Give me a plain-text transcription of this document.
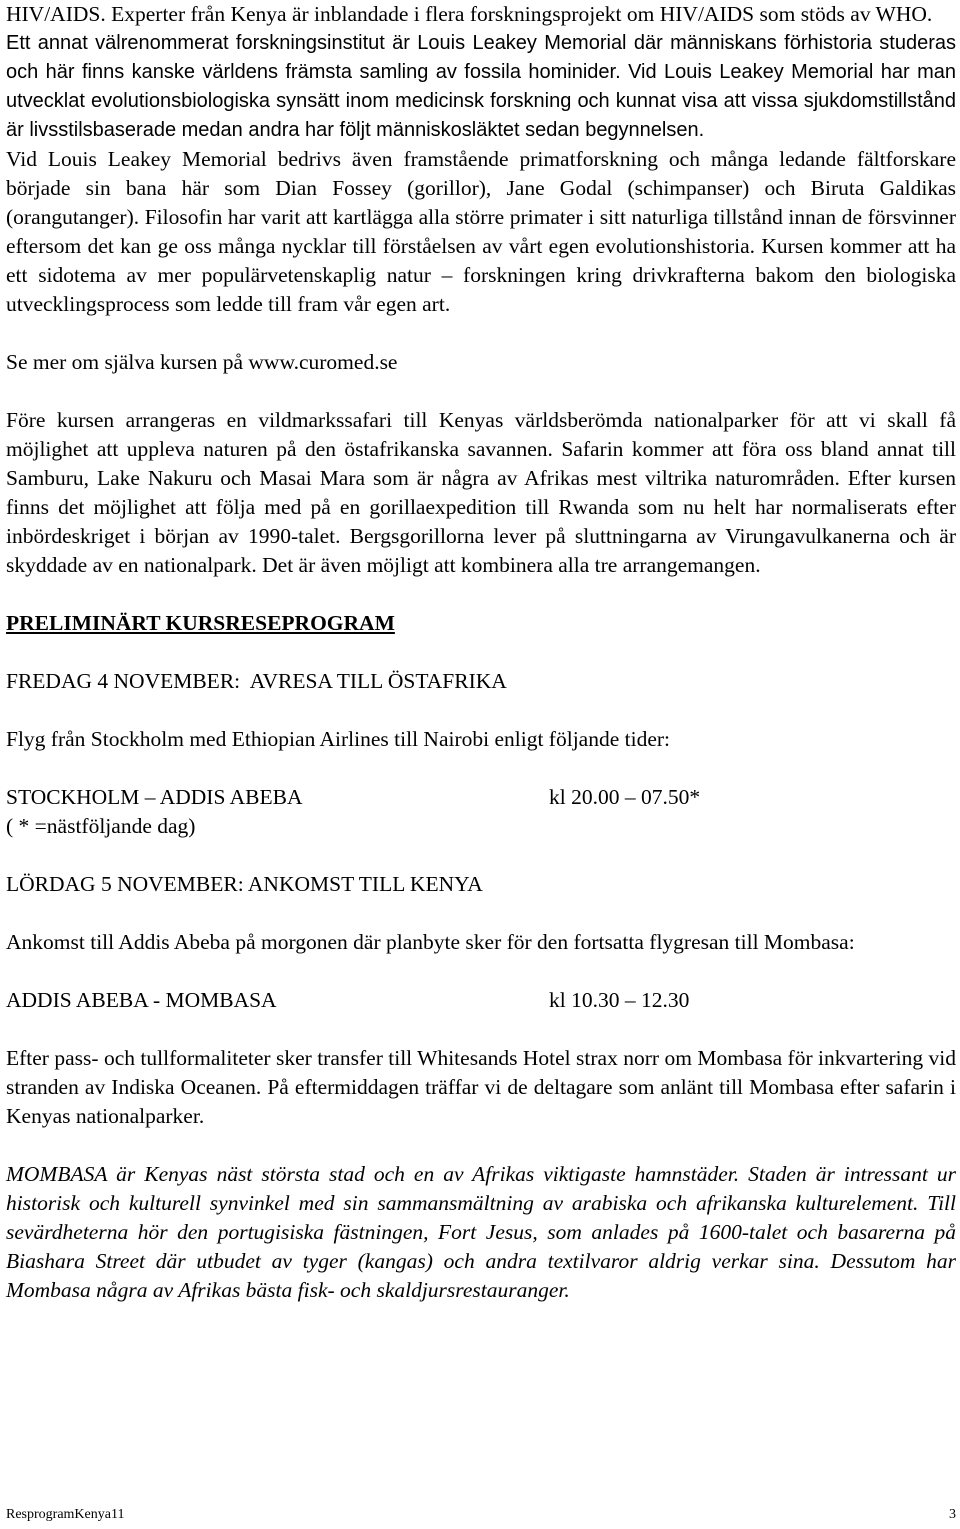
HIV/AIDS. Experter från Kenya är inblandade i flera forskningsprojekt om HIV/AIDS som stöds av WHO.

Ett annat välrenommerat forskningsinstitut är Louis Leakey Memorial där människans förhistoria studeras och här finns kanske världens främsta samling av fossila hominider. Vid Louis Leakey Memorial har man utvecklat evolutionsbiologiska synsätt inom medicinsk forskning och kunnat visa att vissa sjukdomstillstånd är livsstilsbaserade medan andra har följt människosläktet sedan begynnelsen.

Vid Louis Leakey Memorial bedrivs även framstående primatforskning och många ledande fältforskare började sin bana här som Dian Fossey (gorillor), Jane Godal (schimpanser) och Biruta Galdikas (orangutanger). Filosofin har varit att kartlägga alla större primater i sitt naturliga tillstånd innan de försvinner eftersom det kan ge oss många nycklar till förståelsen av vårt egen evolutionshistoria. Kursen kommer att ha ett sidotema av mer populärvetenskaplig natur – forskningen kring drivkrafterna bakom den biologiska utvecklingsprocess som ledde till fram vår egen art.

Se mer om själva kursen på www.curomed.se

Före kursen arrangeras en vildmarkssafari till Kenyas världsberömda nationalparker för att vi skall få möjlighet att uppleva naturen på den östafrikanska savannen. Safarin kommer att föra oss bland annat till Samburu, Lake Nakuru och Masai Mara som är några av Afrikas mest viltrika naturområden. Efter kursen finns det möjlighet att följa med på en gorillaexpedition till Rwanda som nu helt har normaliserats efter inbördeskriget i början av 1990-talet. Bergsgorillorna lever på sluttningarna av Virungavulkanerna och är skyddade av en nationalpark. Det är även möjligt att kombinera alla tre arrangemangen.

PRELIMINÄRT KURSRESEPROGRAM

FREDAG 4 NOVEMBER:  AVRESA TILL ÖSTAFRIKA

Flyg från Stockholm med Ethiopian Airlines till Nairobi enligt följande tider:

STOCKHOLM – ADDIS ABEBA	kl 20.00 – 07.50*

( * =nästföljande dag)

LÖRDAG 5 NOVEMBER: ANKOMST TILL KENYA

Ankomst till Addis Abeba på morgonen där planbyte sker för den fortsatta flygresan till Mombasa:

ADDIS ABEBA - MOMBASA	kl 10.30 – 12.30

Efter pass- och tullformaliteter sker transfer till Whitesands Hotel strax norr om Mombasa för inkvartering vid stranden av Indiska Oceanen. På eftermiddagen träffar vi de deltagare som anlänt till Mombasa efter safarin i Kenyas nationalparker.

MOMBASA är Kenyas näst största stad och en av Afrikas viktigaste hamnstäder. Staden är intressant ur historisk och kulturell synvinkel med sin sammansmältning av arabiska och afrikanska kulturelement. Till sevärdheterna hör den portugisiska fästningen, Fort Jesus, som anlades på 1600-talet och basarerna på Biashara Street där utbudet av tyger (kangas) och andra textilvaror aldrig verkar sina. Dessutom har Mombasa några av Afrikas bästa fisk- och skaldjursrestauranger.

ResprogramKenya11	3
